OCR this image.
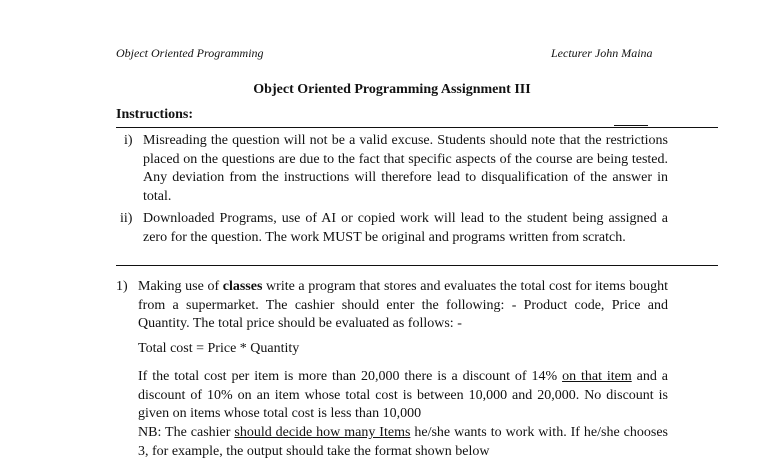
Object Oriented Programming	Lecturer John Maina
Object Oriented Programming Assignment III
Instructions:
i) Misreading the question will not be a valid excuse. Students should note that the restrictions placed on the questions are due to the fact that specific aspects of the course are being tested. Any deviation from the instructions will therefore lead to disqualification of the answer in total.
ii) Downloaded Programs, use of AI or copied work will lead to the student being assigned a zero for the question. The work MUST be original and programs written from scratch.
1) Making use of classes write a program that stores and evaluates the total cost for items bought from a supermarket. The cashier should enter the following: - Product code, Price and Quantity. The total price should be evaluated as follows: -
Total cost = Price * Quantity
If the total cost per item is more than 20,000 there is a discount of 14% on that item and a discount of 10% on an item whose total cost is between 10,000 and 20,000. No discount is given on items whose total cost is less than 10,000
NB: The cashier should decide how many Items he/she wants to work with. If he/she chooses 3, for example, the output should take the format shown below
